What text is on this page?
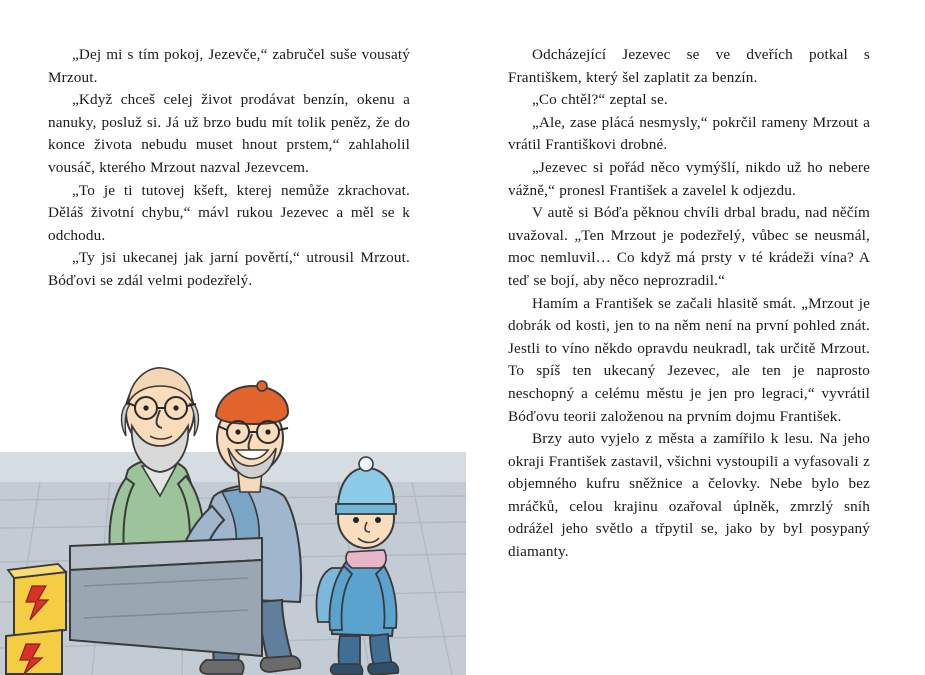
„Dej mi s tím pokoj, Jezevče,“ zabručel suše vousatý Mrzout.

„Když chceš celej život prodávat benzín, okenu a nanuky, posluž si. Já už brzo budu mít tolik peněz, že do konce života nebudu muset hnout prstem,“ zahlaholil vousáč, kterého Mrzout nazval Jezevcem.

„To je ti tutovej kšeft, kterej nemůže zkrachovat. Děláš životní chybu,“ mávl rukou Jezevec a měl se k odchodu.

„Ty jsi ukecanej jak jarní pověrtí,“ utrousil Mrzout. Bóďovi se zdál velmi podezřelý.

Odcházející Jezevec se ve dveřích potkal s Františkem, který šel zaplatit za benzín.

„Co chtěl?“ zeptal se.

„Ale, zase plácá nesmysly,“ pokrčil rameny Mrzout a vrátil Františkovi drobné.

„Jezevec si pořád něco vymýšlí, nikdo už ho nebere vážně,“ pronesl František a zavelel k odjezdu.

V autě si Bóďa pěknou chvíli drbal bradu, nad něčím uvažoval. „Ten Mrzout je podezřelý, vůbec se neusmál, moc nemluvil… Co když má prsty v té krádeži vína? A teď se bojí, aby něco neprozradil.“

Hamím a František se začali hlasitě smát. „Mrzout je dobrák od kosti, jen to na něm není na první pohled znát. Jestli to víno někdo opravdu neukradl, tak určitě Mrzout. To spíš ten ukecaný Jezevec, ale ten je naprosto neschopný a celému městu je jen pro legraci,“ vyvrátil Bóďovu teorii založenou na prvním dojmu František.

Brzy auto vyjelo z města a zamířilo k lesu. Na jeho okraji František zastavil, všichni vystoupili a vyfasovali z objemného kufru sněžnice a čelovky. Nebe bylo bez mráčků, celou krajinu ozařoval úplněk, zmrzlý sníh odrážel jeho světlo a třpytil se, jako by byl posypaný diamanty.
